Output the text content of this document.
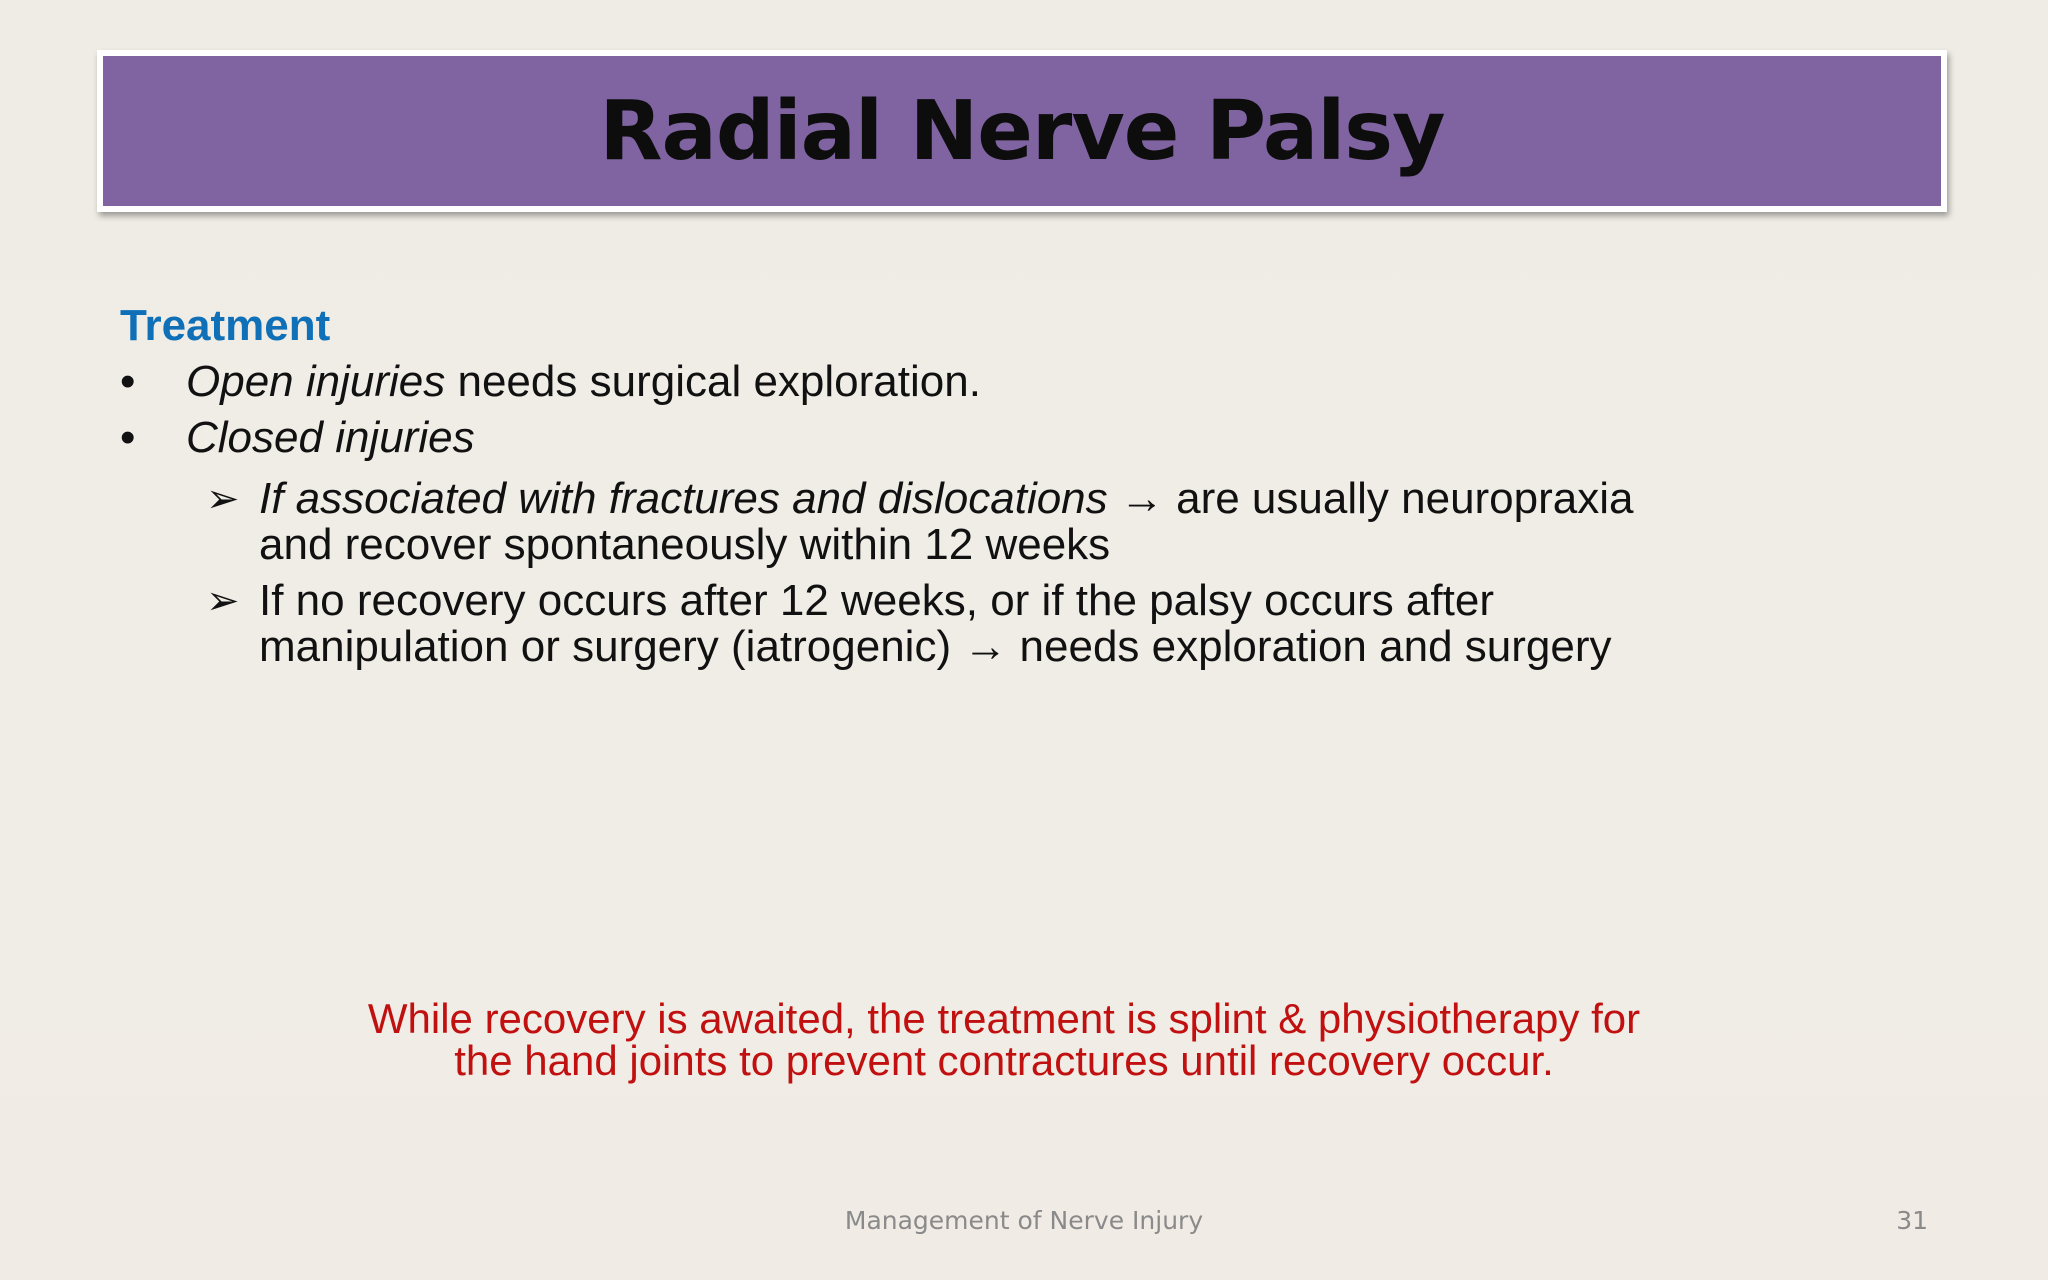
Radial Nerve Palsy

Treatment

• Open injuries needs surgical exploration.
• Closed injuries
➢ If associated with fractures and dislocations → are usually neuropraxia

and recover spontaneously within 12 weeks

➢ If no recovery occurs after 12 weeks, or if the palsy occurs after

manipulation or surgery (iatrogenic) → needs exploration and surgery

While recovery is awaited, the treatment is splint & physiotherapy for

the hand joints to prevent contractures until recovery occur.

Management of Nerve Injury	31
